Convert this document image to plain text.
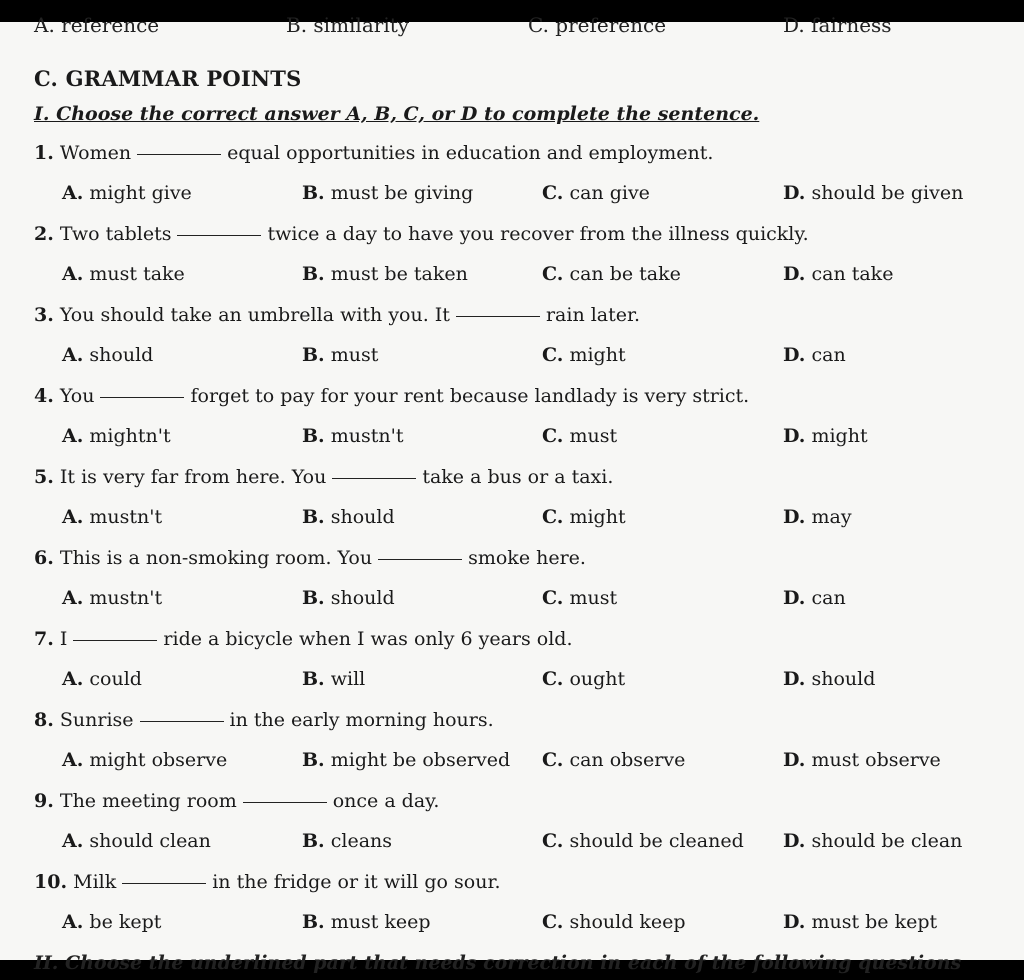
A. reference	B. similarity	C. preference	D. fairness
C. GRAMMAR POINTS
I. Choose the correct answer A, B, C, or D to complete the sentence.
1. Women	equal opportunities in education and employment.
A. might give	B. must be giving	C. can give	D. should be given
2. Two tablets	twice a day to have you recover from the illness quickly.
A. must take	B. must be taken	C. can be take	D. can take
3. You should take an umbrella with you. It	rain later.
A. should	B. must	C. might	D. can
4. You	forget to pay for your rent because landlady is very strict.
A. mightn't	B. mustn't	C. must	D. might
5. It is very far from here. You	take a bus or a taxi.
A. mustn't	B. should	C. might	D. may
6. This is a non-smoking room. You	smoke here.
A. mustn't	B. should	C. must	D. can
7. I	ride a bicycle when I was only 6 years old.
A. could	B. will	C. ought	D. should
8. Sunrise	in the early morning hours.
A. might observe	B. might be observed C. can observe	D. must observe
9. The meeting room	once a day.
A. should clean	B. cleans	C. should be cleaned D. should be clean
10. Milk	in the fridge or it will go sour.
A. be kept	B. must keep	C. should keep	D. must be kept
II. Choose the underlined part that needs correction in each of the following questions
